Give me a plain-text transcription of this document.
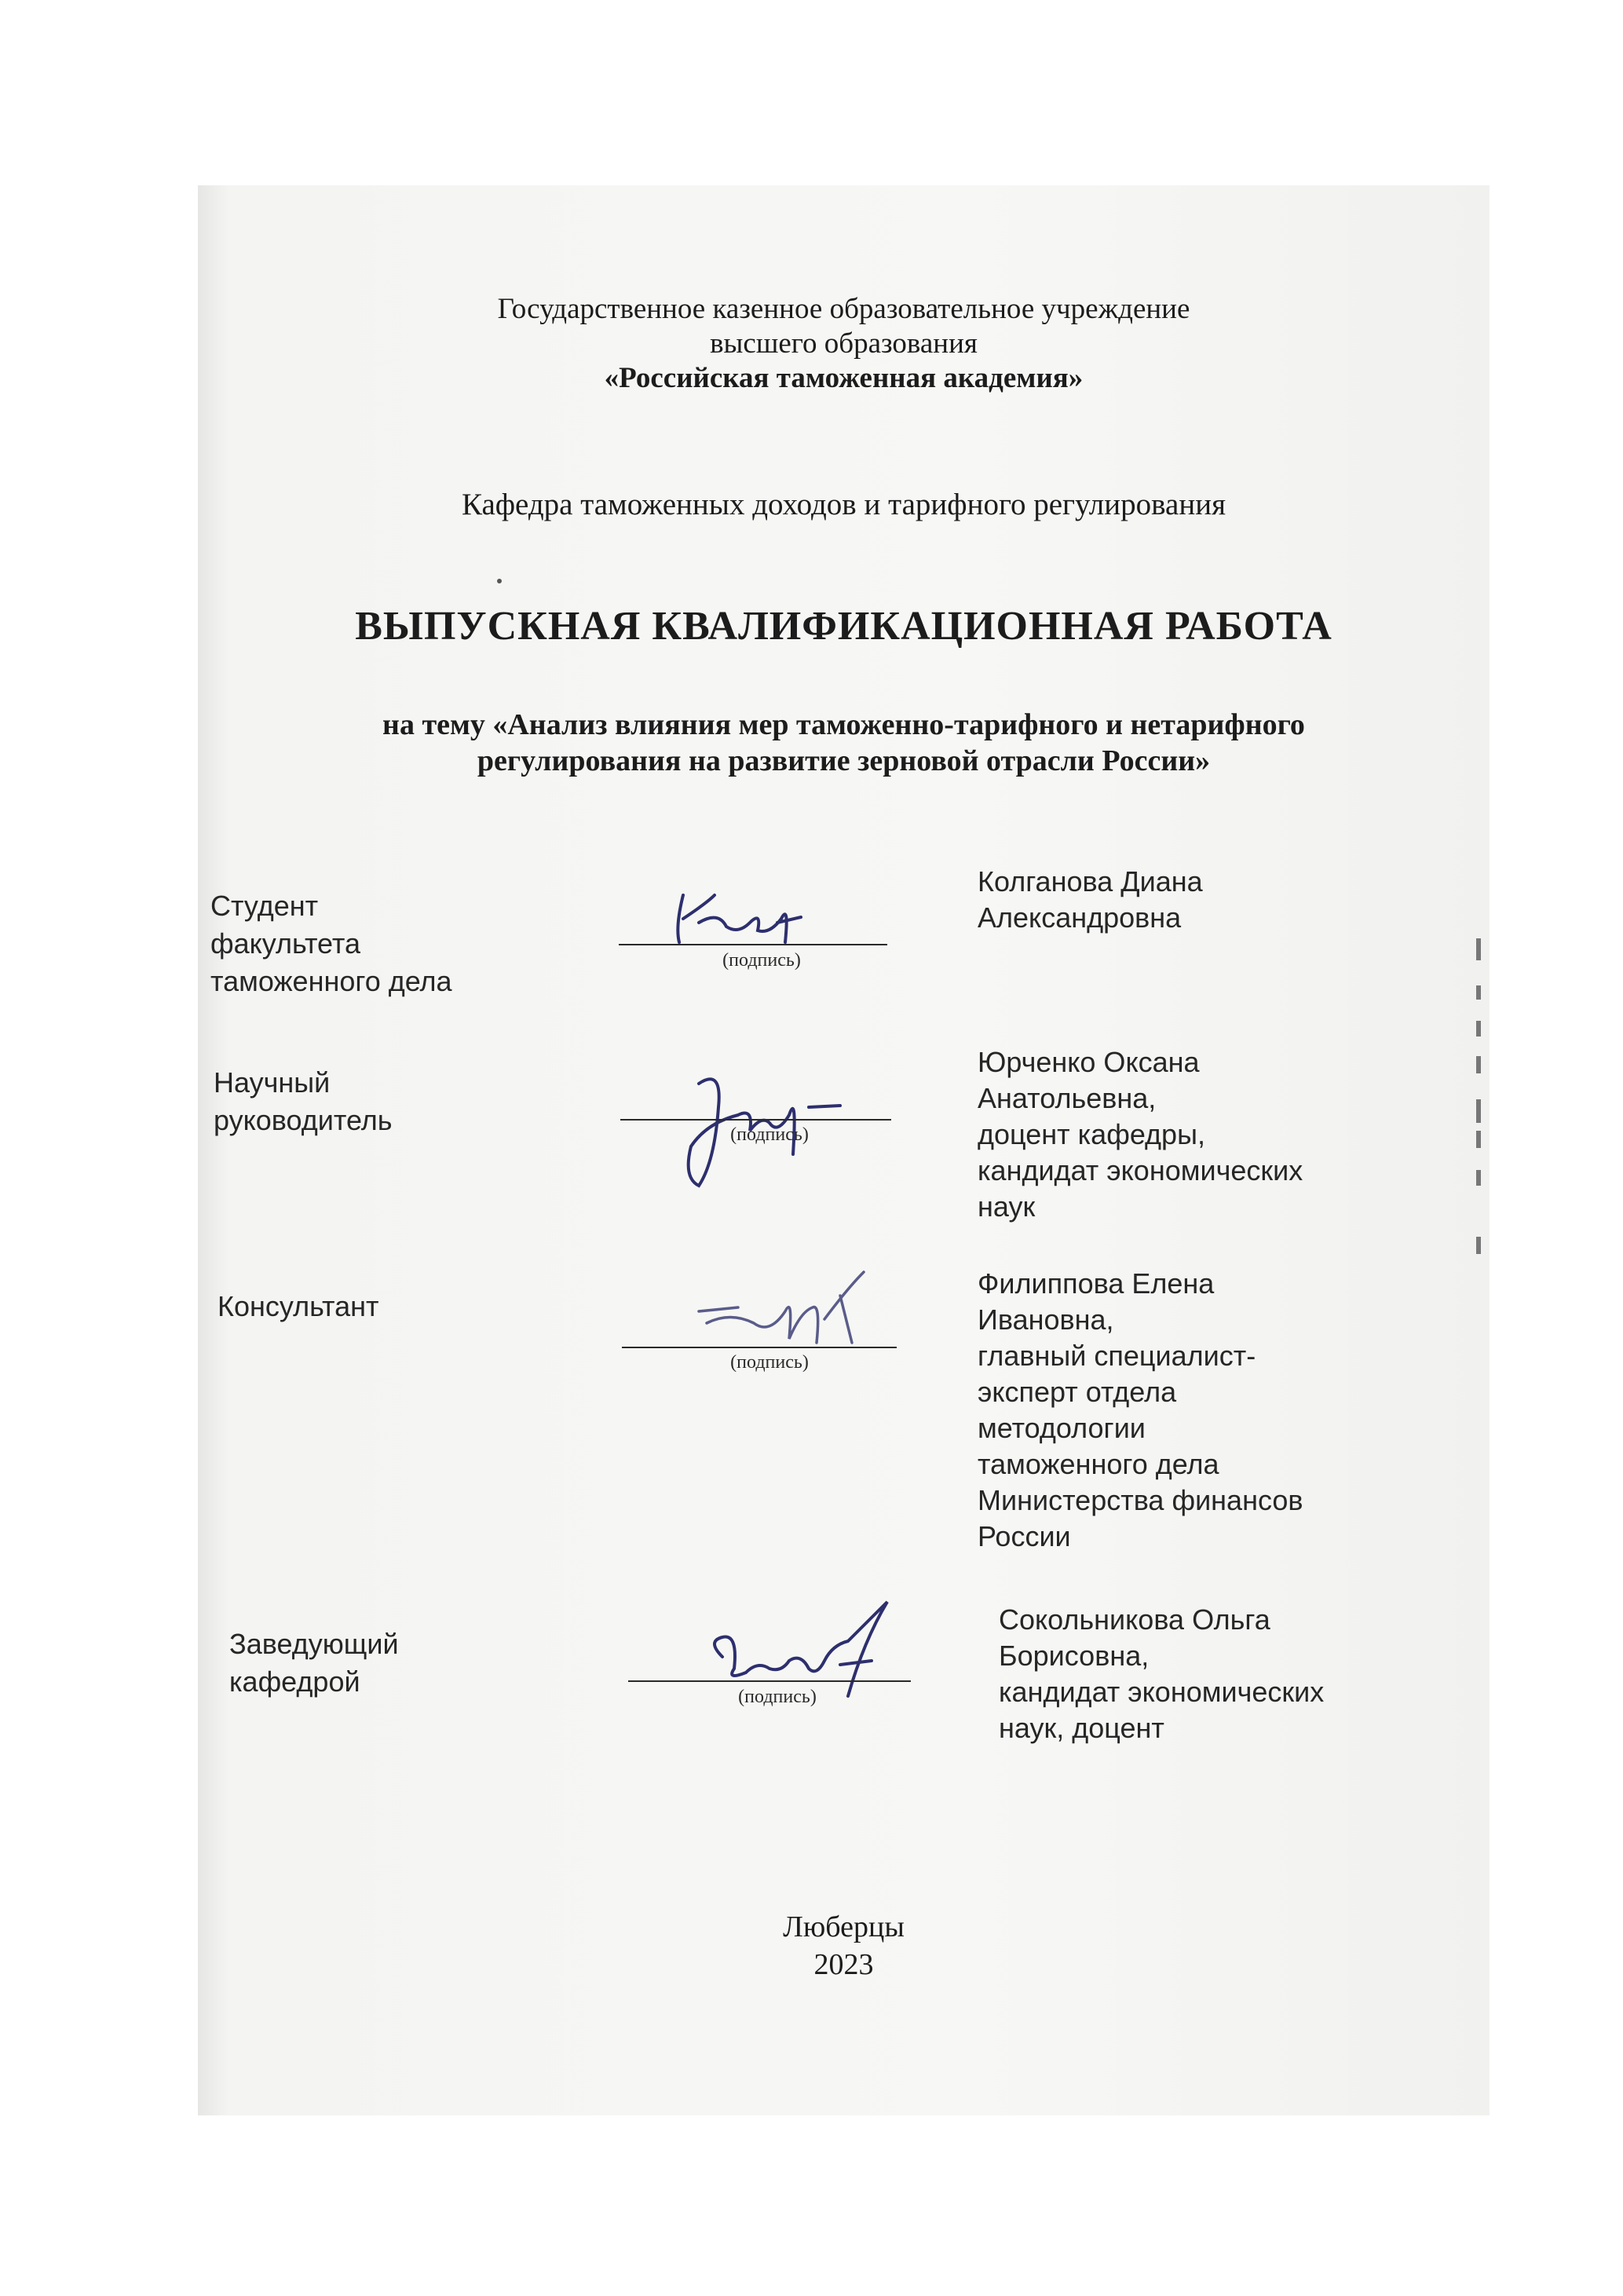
Государственное казенное образовательное учреждение
высшего образования
«Российская таможенная академия»
Кафедра таможенных доходов и тарифного регулирования
ВЫПУСКНАЯ КВАЛИФИКАЦИОННАЯ РАБОТА
на тему «Анализ влияния мер таможенно-тарифного и нетарифного
регулирования на развитие зерновой отрасли России»
Студент
факультета
таможенного дела
(подпись)
Колганова Диана
Александровна
Научный
руководитель	(подпись)
Юрченко Оксана
Анатольевна,
доцент кафедры,
кандидат экономических
наук
Консультант
(подпись)
Филиппова Елена
Ивановна,
главный специалист-
эксперт отдела
методологии
таможенного дела
Министерства финансов
России
Заведующий
кафедрой	(подпись)
Сокольникова Ольга
Борисовна,
кандидат экономических
наук, доцент
Люберцы
2023
